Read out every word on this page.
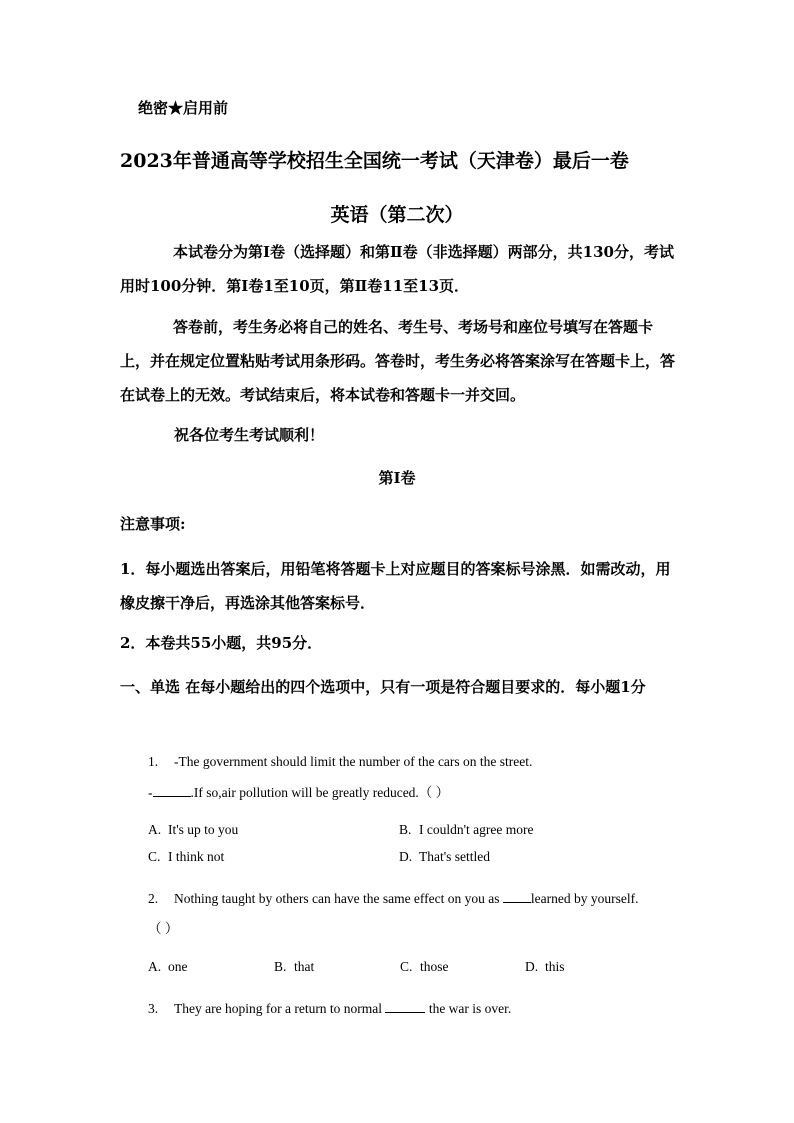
绝密★启用前
2023年普通高等学校招生全国统一考试（天津卷）最后一卷
英语（第二次）
本试卷分为第Ⅰ卷（选择题）和第Ⅱ卷（非选择题）两部分，共130分，考试用时100分钟．第Ⅰ卷1至10页，第Ⅱ卷11至13页．
答卷前，考生务必将自己的姓名、考生号、考场号和座位号填写在答题卡上，并在规定位置粘贴考试用条形码。答卷时，考生务必将答案涂写在答题卡上，答在试卷上的无效。考试结束后，将本试卷和答题卡一并交回。
祝各位考生考试顺利！
第I卷
注意事项:
1．每小题选出答案后，用铅笔将答题卡上对应题目的答案标号涂黑．如需改动，用橡皮擦干净后，再选涂其他答案标号．
2．本卷共55小题，共95分．
一、单选 在每小题给出的四个选项中，只有一项是符合题目要求的．每小题1分
1. -The government should limit the number of the cars on the street.
-	.If so,air pollution will be greatly reduced.（ ）
A. It's up to you	B. I couldn't agree more
C. I think not	D. That's settled
2. Nothing taught by others can have the same effect on you as learned by yourself.
（ ）
A. one	B. that	C. those	D. this
3. They are hoping for a return to normal	the war is over.
